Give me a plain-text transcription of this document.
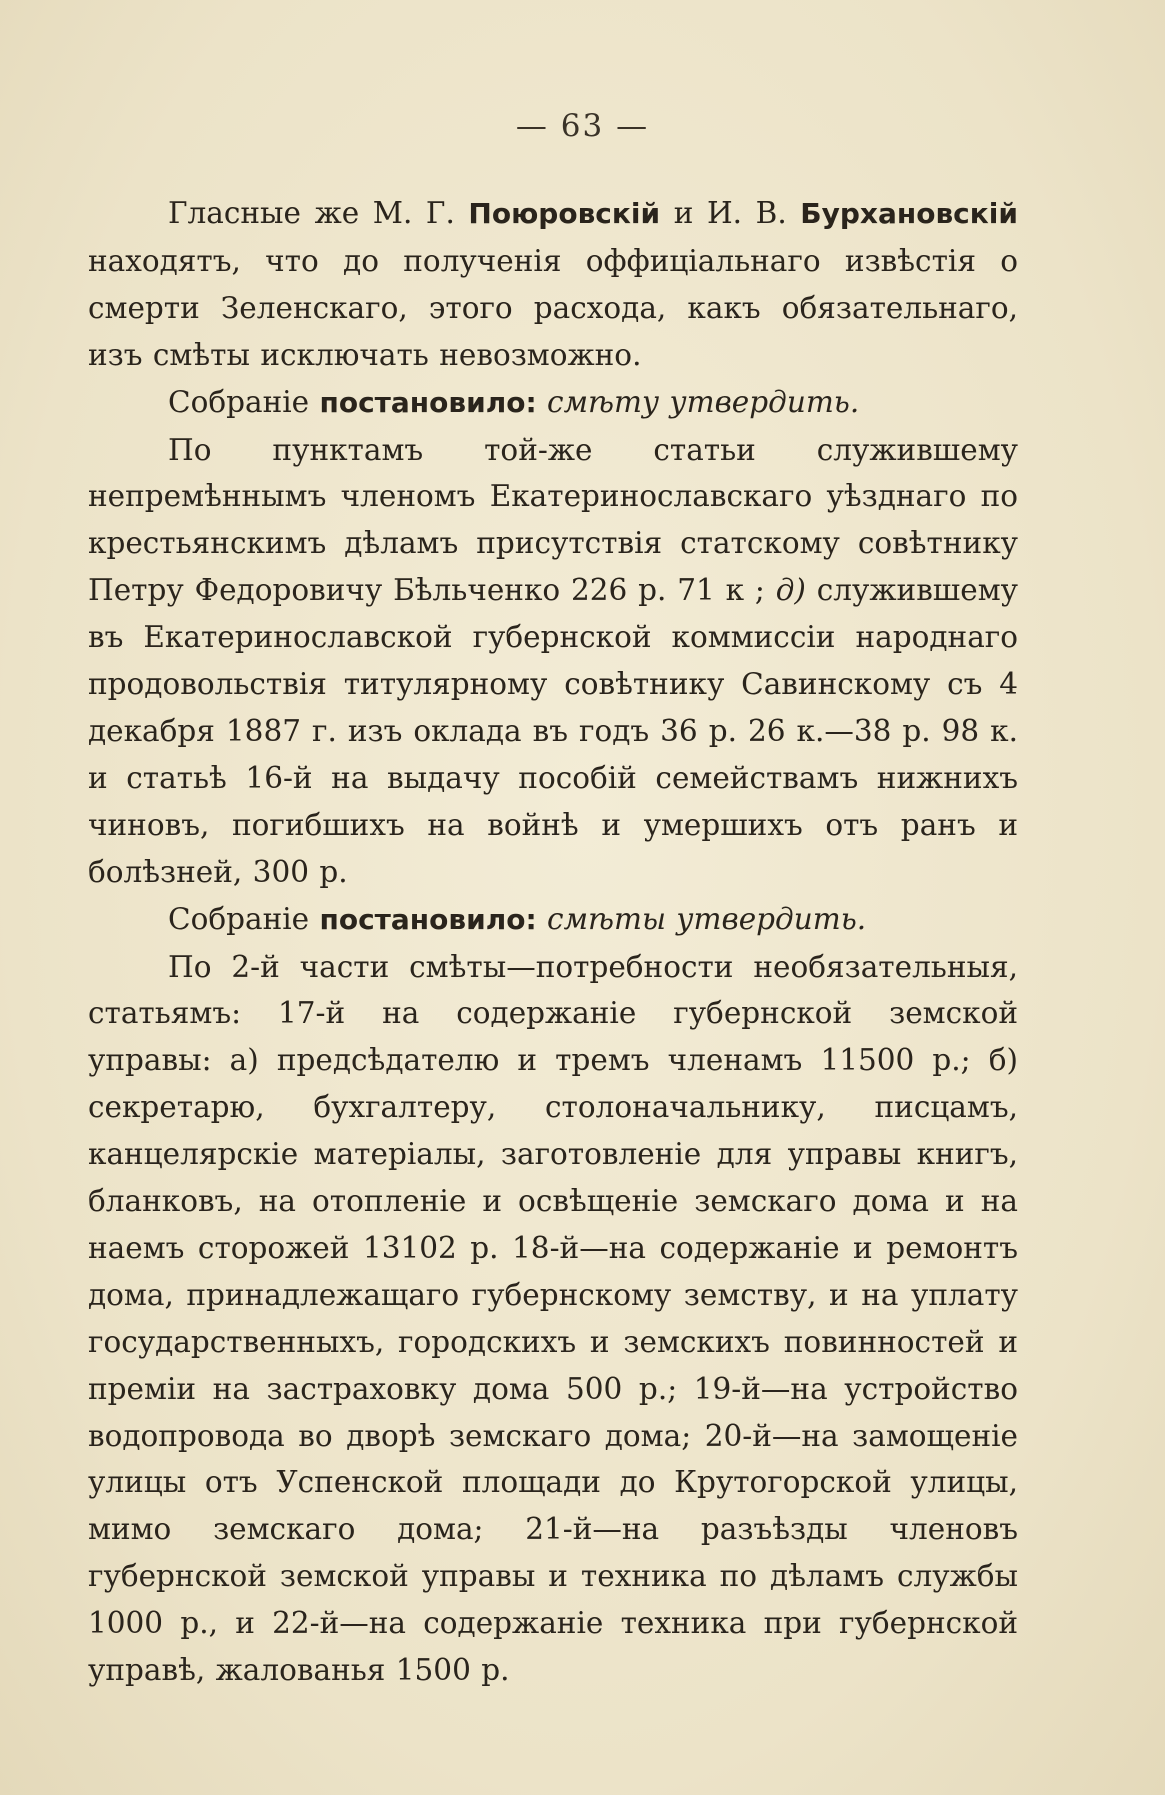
— 63 —

Гласные же М. Г. Поюровскій и И. В. Бурхановскій находятъ, что до полученія оффиціальнаго извѣстія о смерти Зеленскаго, этого расхода, какъ обязательнаго, изъ смѣты исключать невозможно.

Собраніе постановило: смѣту утвердить.

По пунктамъ той-же статьи служившему непремѣннымъ членомъ Екатеринославскаго уѣзднаго по крестьянскимъ дѣламъ присутствія статскому совѣтнику Петру Федоровичу Бѣльченко 226 р. 71 к ; д) служившему въ Екатеринославской губернской коммиссіи народнаго продовольствія титулярному совѣтнику Савинскому съ 4 декабря 1887 г. изъ оклада въ годъ 36 р. 26 к.—38 р. 98 к. и статьѣ 16-й на выдачу пособій семействамъ нижнихъ чиновъ, погибшихъ на войнѣ и умершихъ отъ ранъ и болѣзней, 300 р.

Собраніе постановило: смѣты утвердить.

По 2-й части смѣты—потребности необязательныя, статьямъ: 17-й на содержаніе губернской земской управы: а) предсѣдателю и тремъ членамъ 11500 р.; б) секретарю, бухгалтеру, столоначальнику, писцамъ, канцелярскіе матеріалы, заготовленіе для управы книгъ, бланковъ, на отопленіе и освѣщеніе земскаго дома и на наемъ сторожей 13102 р. 18-й—на содержаніе и ремонтъ дома, принадлежащаго губернскому земству, и на уплату государственныхъ, городскихъ и земскихъ повинностей и преміи на застраховку дома 500 р.; 19-й—на устройство водопровода во дворѣ земскаго дома; 20-й—на замощеніе улицы отъ Успенской площади до Крутогорской улицы, мимо земскаго дома; 21-й—на разъѣзды членовъ губернской земской управы и техника по дѣламъ службы 1000 р., и 22-й—на содержаніе техника при губернской управѣ, жалованья 1500 р.
